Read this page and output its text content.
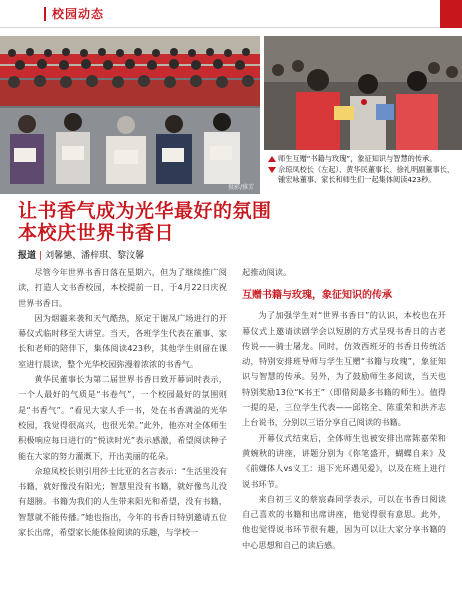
校园动态
摄影/雅芳
师生互赠“书籍与玫瑰”，象征知识与智慧的传承。
佘琼凤校长（左起）、黄华民董事长、徐礼明副董事长、锺宏咏董事、家长和师生们一起集体阅读423秒。
让书香气成为光华最好的氛围
本校庆世界书香日
报道 | 刘馨憓、潘梓琪、黎汶馨

尽管今年世界书香日落在星期六，但为了继续推广阅读，打造人文书香校园，本校提前一日，于4月22日庆祝世界书香日。

因为烟霾来袭和天气酷热，原定于谢凤广场进行的开幕仪式临时移至大讲堂。当天，各班学生代表在董事、家长和老师的陪伴下，集体阅读423秒，其他学生则留在课室进行晨读，整个光华校园弥漫着浓浓的书香气。

黄华民董事长为第二届世界书香日致开幕词时表示，一个人最好的气质是“书卷气”，一个校园最好的氛围则是“书香气”。“看见大家人手一书，处在书香满溢的光华校园，我觉得很高兴，也很光荣。”此外，他亦对全体师生积极响应每日进行的“悦读时光”表示感激，希望阅读种子能在大家的努力灌溉下，开出美丽的花朵。

佘琼凤校长则引用莎士比亚的名言表示：“生活里没有书籍，就好像没有阳光；智慧里没有书籍，就好像鸟儿没有翅膀。书籍为我们的人生带来阳光和希望，没有书籍，智慧就不能传播。”她也指出，今年的书香日特别邀请五位家长出席，希望家长能体验阅读的乐趣，与学校一

起推动阅读。

互赠书籍与玫瑰，象征知识的传承

为了加强学生对“世界书香日”的认识，本校也在开幕仪式上邀请读剧学会以短剧的方式呈现书香日的古老传说——骑士屠龙。同时，仿效西班牙的书香日传统活动，特别安排班导师与学生互赠“书籍与玫瑰”，象征知识与智慧的传承。另外，为了鼓励师生多阅读，当天也特别奖励13位“K书王”（即借阅最多书籍的师生）。值得一提的是，三位学生代表——邱铭全、陈重荣和洪齐志上台说书，分别以三语分享自己阅读的书籍。

开幕仪式结束后，全体师生也被安排出席陈嘉荣和黄婉秋的讲座，讲题分别为《你笔盛开，蝴蝶自来》及《前嫌体人vs义工：退下光环遇见爱》，以及在班上进行说书环节。

来自初三义的蔡宸森同学表示，可以在书香日阅读自己喜欢的书籍和出席讲座，他觉得很有意思。此外，他也觉得说书环节很有趣，因为可以让大家分享书籍的中心思想和自己的读后感。
